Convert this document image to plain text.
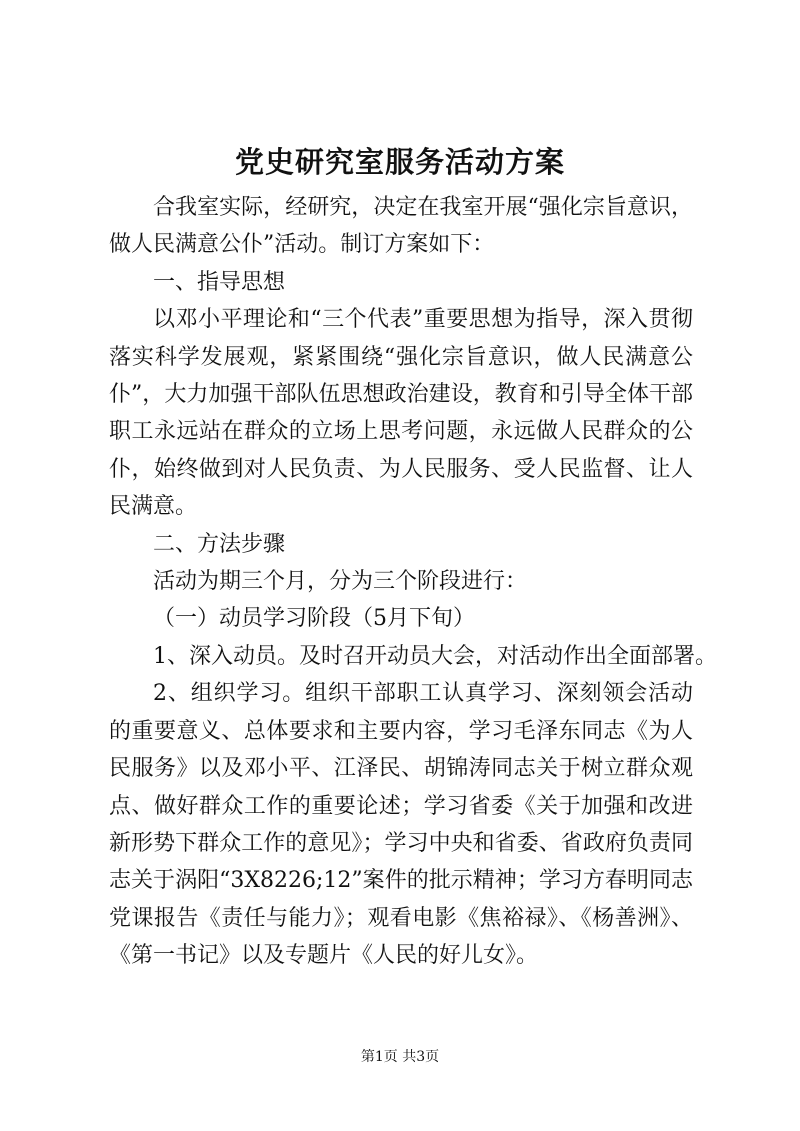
党史研究室服务活动方案

合我室实际，经研究，决定在我室开展“强化宗旨意识，做人民满意公仆”活动。制订方案如下：

一、指导思想

以邓小平理论和“三个代表”重要思想为指导，深入贯彻落实科学发展观，紧紧围绕“强化宗旨意识，做人民满意公仆”，大力加强干部队伍思想政治建设，教育和引导全体干部职工永远站在群众的立场上思考问题，永远做人民群众的公仆，始终做到对人民负责、为人民服务、受人民监督、让人民满意。

二、方法步骤

活动为期三个月，分为三个阶段进行：

（一）动员学习阶段（5月下旬）

1、深入动员。及时召开动员大会，对活动作出全面部署。

2、组织学习。组织干部职工认真学习、深刻领会活动的重要意义、总体要求和主要内容，学习毛泽东同志《为人民服务》以及邓小平、江泽民、胡锦涛同志关于树立群众观点、做好群众工作的重要论述；学习省委《关于加强和改进新形势下群众工作的意见》；学习中央和省委、省政府负责同志关于涡阳“3X8226;12”案件的批示精神；学习方春明同志党课报告《责任与能力》；观看电影《焦裕禄》、《杨善洲》、《第一书记》以及专题片《人民的好儿女》。

第1页 共3页
